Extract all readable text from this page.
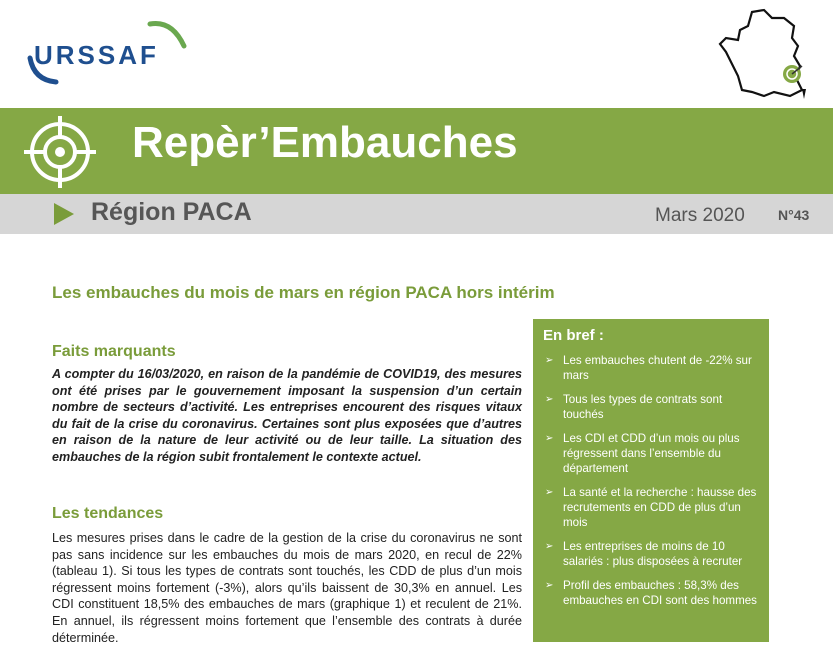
URSSAF
Repèr’Embauches
Région PACA	Mars 2020 N°43
Les embauches du mois de mars en région PACA hors intérim
Faits marquants
A compter du 16/03/2020, en raison de la pandémie de COVID19, des mesures ont été prises par le gouvernement imposant la suspension d’un certain nombre de secteurs d’activité. Les entreprises encourent des risques vitaux du fait de la crise du coronavirus. Certaines sont plus exposées que d’autres en raison de la nature de leur activité ou de leur taille. La situation des embauches de la région subit frontalement le contexte actuel.
Les tendances
Les mesures prises dans le cadre de la gestion de la crise du coronavirus ne sont pas sans incidence sur les embauches du mois de mars 2020, en recul de 22% (tableau 1). Si tous les types de contrats sont touchés, les CDD de plus d’un mois régressent moins fortement (-3%), alors qu’ils baissent de 30,3% en annuel. Les CDI constituent 18,5% des embauches de mars (graphique 1) et reculent de 21%. En annuel, ils régressent moins fortement que l’ensemble des contrats à durée déterminée.
En bref :
➢ Les embauches chutent de -22% sur mars
➢ Tous les types de contrats sont touchés
➢ Les CDI et CDD d’un mois ou plus régressent dans l’ensemble du département
➢ La santé et la recherche : hausse des recrutements en CDD de plus d’un mois
➢ Les entreprises de moins de 10 salariés : plus disposées à recruter
➢ Profil des embauches : 58,3% des embauches en CDI sont des hommes
